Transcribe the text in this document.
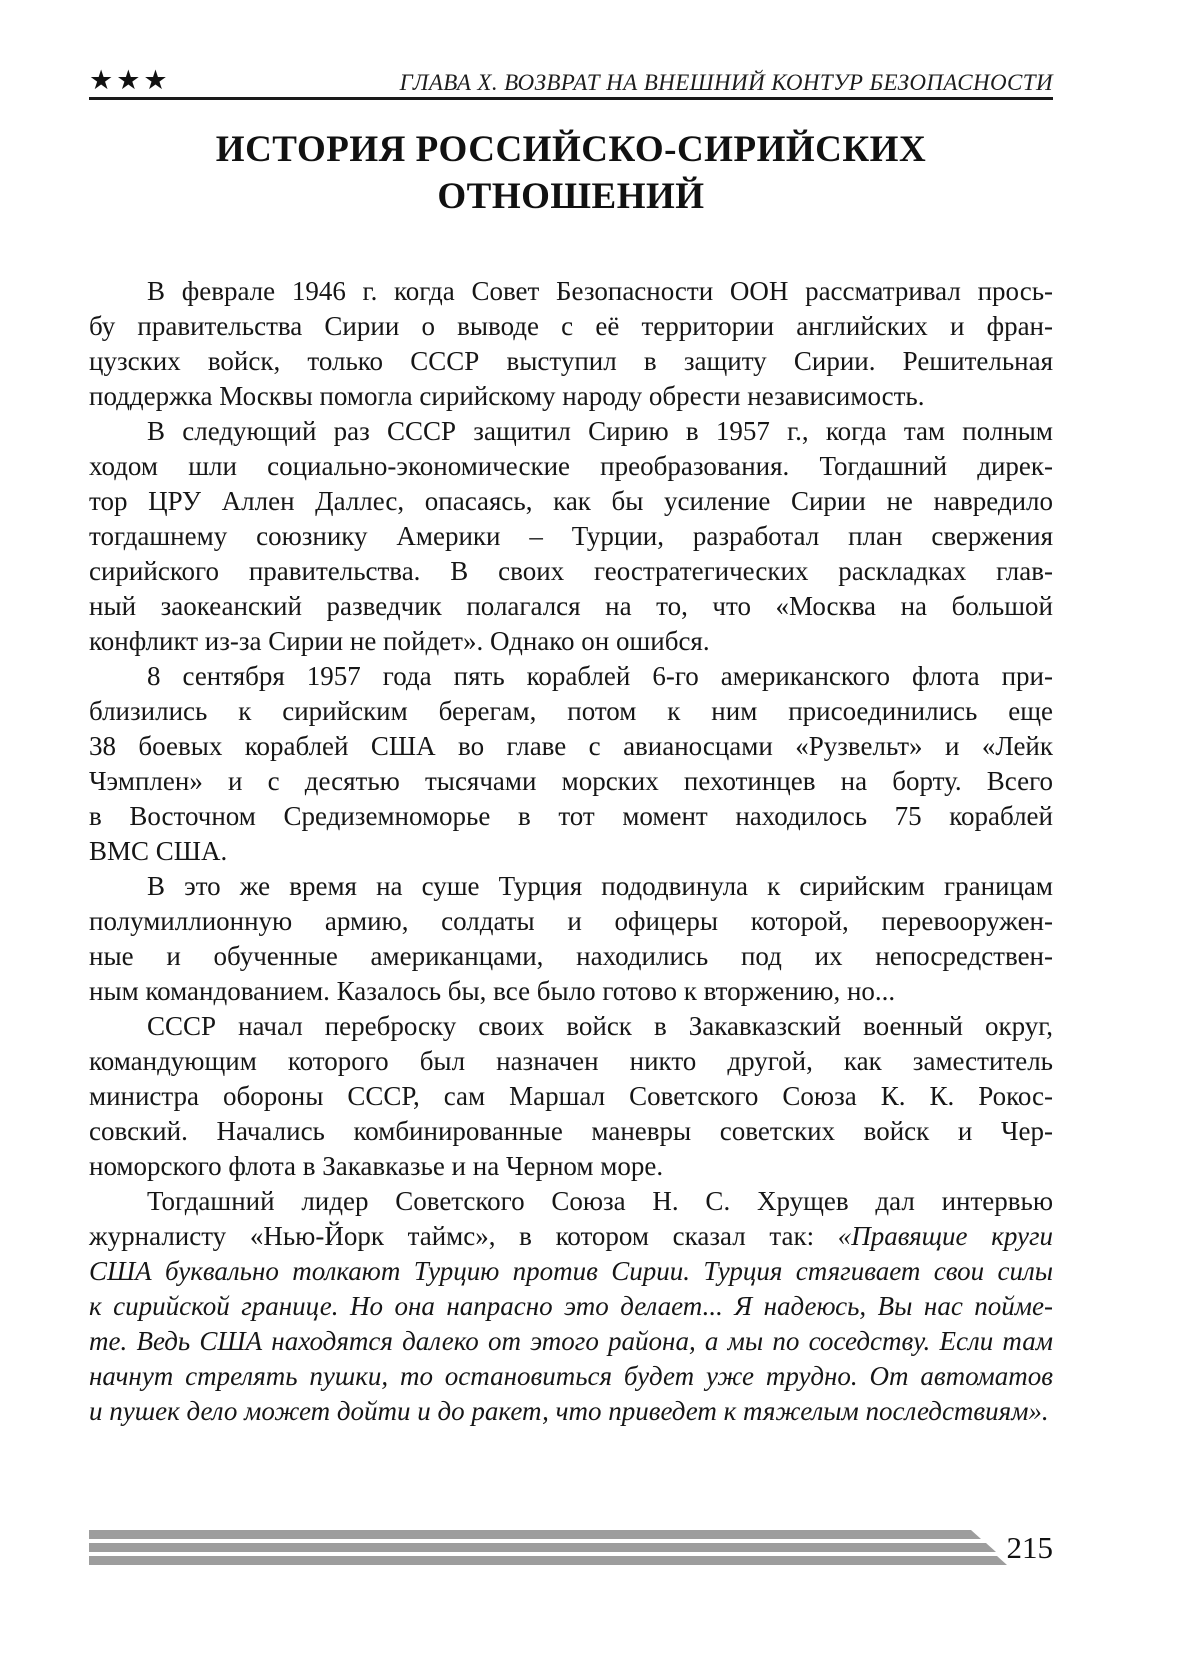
★★★	ГЛАВА X. ВОЗВРАТ НА ВНЕШНИЙ КОНТУР БЕЗОПАСНОСТИ
ИСТОРИЯ РОССИЙСКО-СИРИЙСКИХ
ОТНОШЕНИЙ
В феврале 1946 г. когда Совет Безопасности ООН рассматривал прось-
бу правительства Сирии о выводе с её территории английских и фран-
цузских войск, только СССР выступил в защиту Сирии. Решительная
поддержка Москвы помогла сирийскому народу обрести независимость.
В следующий раз СССР защитил Сирию в 1957 г., когда там полным
ходом шли социально-экономические преобразования. Тогдашний дирек-
тор ЦРУ Аллен Даллес, опасаясь, как бы усиление Сирии не навредило
тогдашнему союзнику Америки – Турции, разработал план свержения
сирийского правительства. В своих геостратегических раскладках глав-
ный заокеанский разведчик полагался на то, что «Москва на большой
конфликт из-за Сирии не пойдет». Однако он ошибся.
8 сентября 1957 года пять кораблей 6-го американского флота при-
близились к сирийским берегам, потом к ним присоединились еще
38 боевых кораблей США во главе с авианосцами «Рузвельт» и «Лейк
Чэмплен» и с десятью тысячами морских пехотинцев на борту. Всего
в Восточном Средиземноморье в тот момент находилось 75 кораблей
ВМС США.
В это же время на суше Турция пододвинула к сирийским границам
полумиллионную армию, солдаты и офицеры которой, перевооружен-
ные и обученные американцами, находились под их непосредствен-
ным командованием. Казалось бы, все было готово к вторжению, но...
СССР начал переброску своих войск в Закавказский военный округ,
командующим которого был назначен никто другой, как заместитель
министра обороны СССР, сам Маршал Советского Союза К. К. Рокос-
совский. Начались комбинированные маневры советских войск и Чер-
номорского флота в Закавказье и на Черном море.
Тогдашний лидер Советского Союза Н. С. Хрущев дал интервью
журналисту «Нью-Йорк таймс», в котором сказал так: «Правящие круги
США буквально толкают Турцию против Сирии. Турция стягивает свои силы
к сирийской границе. Но она напрасно это делает... Я надеюсь, Вы нас пойме-
те. Ведь США находятся далеко от этого района, а мы по соседству. Если там
начнут стрелять пушки, то остановиться будет уже трудно. От автоматов
и пушек дело может дойти и до ракет, что приведет к тяжелым последствиям».
215
